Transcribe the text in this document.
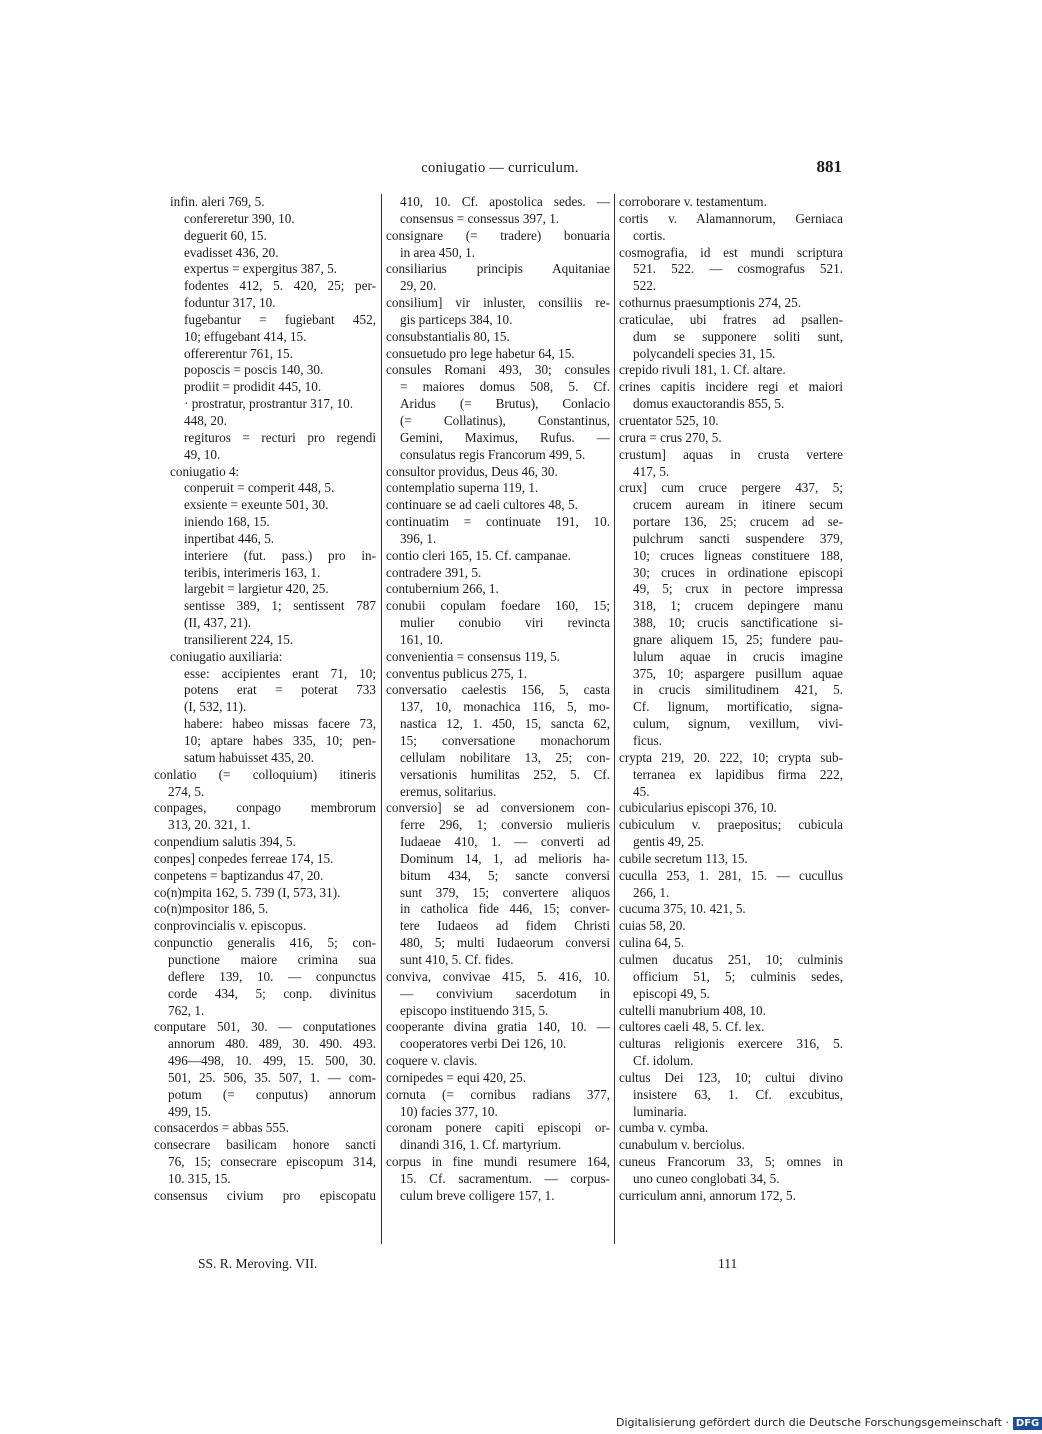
coniugatio — curriculum.	881
infin. aleri 769, 5.
confereretur 390, 10.
deguerit 60, 15.
evadisset 436, 20.
expertus = expergitus 387, 5.
fodentes 412, 5. 420, 25; per-
foduntur 317, 10.
fugebantur = fugiebant 452,
10; effugebant 414, 15.
offererentur 761, 15.
poposcis = poscis 140, 30.
prodiit = prodidit 445, 10.
· prostratur, prostrantur 317, 10.
448, 20.
regituros = recturi pro regendi
49, 10.
coniugatio 4:
conperuit = comperit 448, 5.
exsiente = exeunte 501, 30.
iniendo 168, 15.
inpertibat 446, 5.
interiere (fut. pass.) pro in-
teribis, interimeris 163, 1.
largebit = largietur 420, 25.
sentisse 389, 1; sentissent 787
(II, 437, 21).
transilierent 224, 15.
coniugatio auxiliaria:
esse: accipientes erant 71, 10;
potens erat = poterat 733
(I, 532, 11).
habere: habeo missas facere 73,
10; aptare habes 335, 10; pen-
satum habuisset 435, 20.
conlatio (= colloquium) itineris
274, 5.
conpages, conpago membrorum
313, 20. 321, 1.
conpendium salutis 394, 5.
conpes] conpedes ferreae 174, 15.
conpetens = baptizandus 47, 20.
co(n)mpita 162, 5. 739 (I, 573, 31).
co(n)mpositor 186, 5.
conprovincialis v. episcopus.
conpunctio generalis 416, 5; con-
punctione maiore crimina sua
deflere 139, 10. — conpunctus
corde 434, 5; conp. divinitus
762, 1.
conputare 501, 30. — conputationes
annorum 480. 489, 30. 490. 493.
496—498, 10. 499, 15. 500, 30.
501, 25. 506, 35. 507, 1. — com-
potum (= conputus) annorum
499, 15.
consacerdos = abbas 555.
consecrare basilicam honore sancti
76, 15; consecrare episcopum 314,
10. 315, 15.
consensus civium pro episcopatu
410, 10. Cf. apostolica sedes. —
consensus = consessus 397, 1.
consignare (= tradere) bonuaria
in area 450, 1.
consiliarius principis Aquitaniae
29, 20.
consilium] vir inluster, consiliis re-
gis particeps 384, 10.
consubstantialis 80, 15.
consuetudo pro lege habetur 64, 15.
consules Romani 493, 30; consules
= maiores domus 508, 5. Cf.
Aridus (= Brutus), Conlacio
(= Collatinus), Constantinus,
Gemini, Maximus, Rufus. —
consulatus regis Francorum 499, 5.
consultor providus, Deus 46, 30.
contemplatio superna 119, 1.
continuare se ad caeli cultores 48, 5.
continuatim = continuate 191, 10.
396, 1.
contio cleri 165, 15. Cf. campanae.
contradere 391, 5.
contubernium 266, 1.
conubii copulam foedare 160, 15;
mulier conubio viri revincta
161, 10.
convenientia = consensus 119, 5.
conventus publicus 275, 1.
conversatio caelestis 156, 5, casta
137, 10, monachica 116, 5, mo-
nastica 12, 1. 450, 15, sancta 62,
15; conversatione monachorum
cellulam nobilitare 13, 25; con-
versationis humilitas 252, 5. Cf.
eremus, solitarius.
conversio] se ad conversionem con-
ferre 296, 1; conversio mulieris
Iudaeae 410, 1. — converti ad
Dominum 14, 1, ad melioris ha-
bitum 434, 5; sancte conversi
sunt 379, 15; convertere aliquos
in catholica fide 446, 15; conver-
tere Iudaeos ad fidem Christi
480, 5; multi Iudaeorum conversi
sunt 410, 5. Cf. fides.
conviva, convivae 415, 5. 416, 10.
— convivium sacerdotum in
episcopo instituendo 315, 5.
cooperante divina gratia 140, 10. —
cooperatores verbi Dei 126, 10.
coquere v. clavis.
cornipedes = equi 420, 25.
cornuta (= cornibus radians 377,
10) facies 377, 10.
coronam ponere capiti episcopi or-
dinandi 316, 1. Cf. martyrium.
corpus in fine mundi resumere 164,
15. Cf. sacramentum. — corpus-
culum breve colligere 157, 1.
corroborare v. testamentum.
cortis v. Alamannorum, Gerniaca
cortis.
cosmografia, id est mundi scriptura
521. 522. — cosmografus 521.
522.
cothurnus praesumptionis 274, 25.
craticulae, ubi fratres ad psallen-
dum se supponere soliti sunt,
polycandeli species 31, 15.
crepido rivuli 181, 1. Cf. altare.
crines capitis incidere regi et maiori
domus exauctorandis 855, 5.
cruentator 525, 10.
crura = crus 270, 5.
crustum] aquas in crusta vertere
417, 5.
crux] cum cruce pergere 437, 5;
crucem auream in itinere secum
portare 136, 25; crucem ad se-
pulchrum sancti suspendere 379,
10; cruces ligneas constituere 188,
30; cruces in ordinatione episcopi
49, 5; crux in pectore impressa
318, 1; crucem depingere manu
388, 10; crucis sanctificatione si-
gnare aliquem 15, 25; fundere pau-
lulum aquae in crucis imagine
375, 10; aspargere pusillum aquae
in crucis similitudinem 421, 5.
Cf. lignum, mortificatio, signa-
culum, signum, vexillum, vivi-
ficus.
crypta 219, 20. 222, 10; crypta sub-
terranea ex lapidibus firma 222,
45.
cubicularius episcopi 376, 10.
cubiculum v. praepositus; cubicula
gentis 49, 25.
cubile secretum 113, 15.
cuculla 253, 1. 281, 15. — cucullus
266, 1.
cucuma 375, 10. 421, 5.
cuias 58, 20.
culina 64, 5.
culmen ducatus 251, 10; culminis
officium 51, 5; culminis sedes,
episcopi 49, 5.
cultelli manubrium 408, 10.
cultores caeli 48, 5. Cf. lex.
culturas religionis exercere 316, 5.
Cf. idolum.
cultus Dei 123, 10; cultui divino
insistere 63, 1. Cf. excubitus,
luminaria.
cumba v. cymba.
cunabulum v. berciolus.
cuneus Francorum 33, 5; omnes in
uno cuneo conglobati 34, 5.
curriculum anni, annorum 172, 5.
SS. R. Meroving. VII.	111
Digitalisierung gefördert durch die Deutsche Forschungsgemeinschaft · DFG
